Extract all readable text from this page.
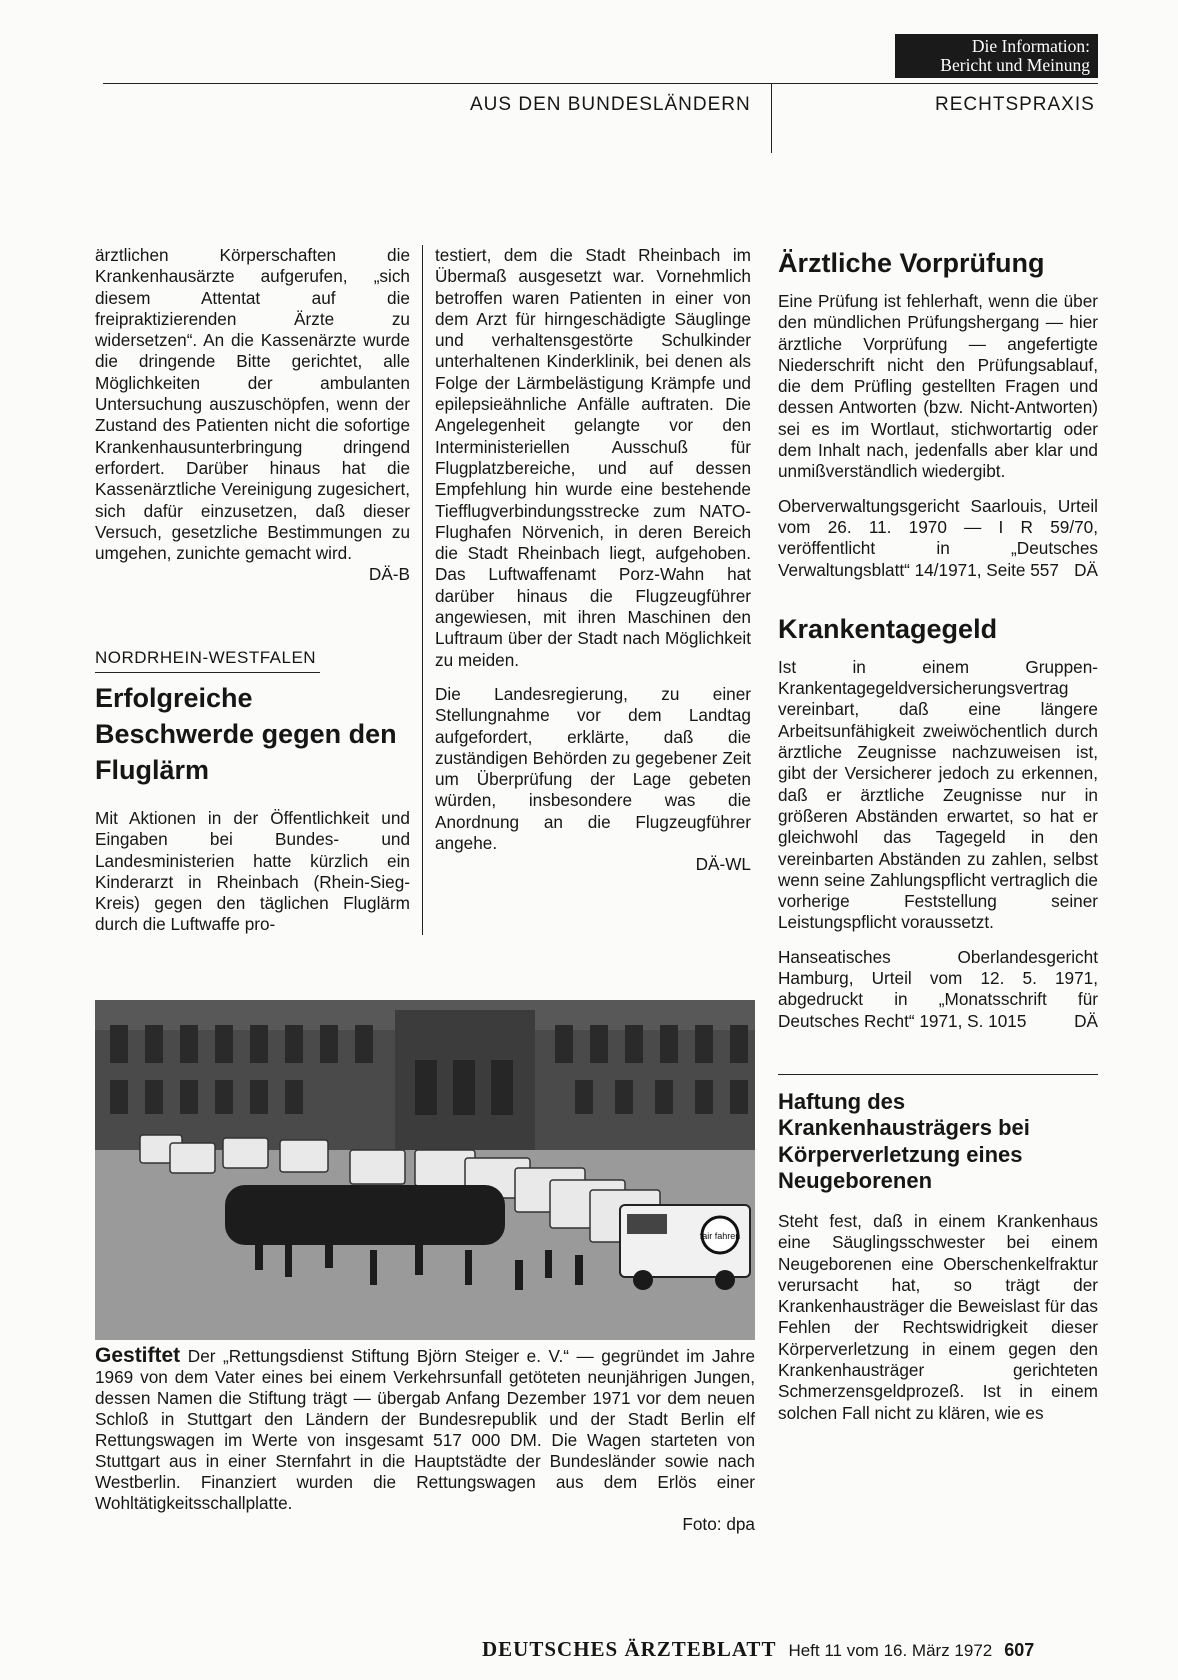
Die Information:
Bericht und Meinung
AUS DEN BUNDESLÄNDERN	RECHTSPRAXIS

ärztlichen Körperschaften die Krankenhausärzte aufgerufen, „sich diesem Attentat auf die freipraktizierenden Ärzte zu widersetzen“. An die Kassenärzte wurde die dringende Bitte gerichtet, alle Möglichkeiten der ambulanten Untersuchung auszuschöpfen, wenn der Zustand des Patienten nicht die sofortige Krankenhausunterbringung dringend erfordert. Darüber hinaus hat die Kassenärztliche Vereinigung zugesichert, sich dafür einzusetzen, daß dieser Versuch, gesetzliche Bestimmungen zu umgehen, zunichte gemacht wird.

DÄ-B
NORDRHEIN-WESTFALEN
Erfolgreiche Beschwerde gegen den Fluglärm

Mit Aktionen in der Öffentlichkeit und Eingaben bei Bundes- und Landesministerien hatte kürzlich ein Kinderarzt in Rheinbach (Rhein-Sieg-Kreis) gegen den täglichen Fluglärm durch die Luftwaffe pro-

testiert, dem die Stadt Rheinbach im Übermaß ausgesetzt war. Vornehmlich betroffen waren Patienten in einer von dem Arzt für hirngeschädigte Säuglinge und verhaltensgestörte Schulkinder unterhaltenen Kinderklinik, bei denen als Folge der Lärmbelästigung Krämpfe und epilepsieähnliche Anfälle auftraten. Die Angelegenheit gelangte vor den Interministeriellen Ausschuß für Flugplatzbereiche, und auf dessen Empfehlung hin wurde eine bestehende Tiefflugverbindungsstrecke zum NATO-Flughafen Nörvenich, in deren Bereich die Stadt Rheinbach liegt, aufgehoben. Das Luftwaffenamt Porz-Wahn hat darüber hinaus die Flugzeugführer angewiesen, mit ihren Maschinen den Luftraum über der Stadt nach Möglichkeit zu meiden.

Die Landesregierung, zu einer Stellungnahme vor dem Landtag aufgefordert, erklärte, daß die zuständigen Behörden zu gegebener Zeit um Überprüfung der Lage gebeten würden, insbesondere was die Anordnung an die Flugzeugführer angehe.

DÄ-WL
Ärztliche Vorprüfung

Eine Prüfung ist fehlerhaft, wenn die über den mündlichen Prüfungshergang — hier ärztliche Vorprüfung — angefertigte Niederschrift nicht den Prüfungsablauf, die dem Prüfling gestellten Fragen und dessen Antworten (bzw. Nicht-Antworten) sei es im Wortlaut, stichwortartig oder dem Inhalt nach, jedenfalls aber klar und unmißverständlich wiedergibt.

Oberverwaltungsgericht Saarlouis, Urteil vom 26. 11. 1970 — I R 59/70, veröffentlicht in „Deutsches Verwaltungsblatt“ 14/1971, Seite 557 DÄ

Krankentagegeld

Ist in einem Gruppen-Krankentagegeldversicherungsvertrag vereinbart, daß eine längere Arbeitsunfähigkeit zweiwöchentlich durch ärztliche Zeugnisse nachzuweisen ist, gibt der Versicherer jedoch zu erkennen, daß er ärztliche Zeugnisse nur in größeren Abständen erwartet, so hat er gleichwohl das Tagegeld in den vereinbarten Abständen zu zahlen, selbst wenn seine Zahlungspflicht vertraglich die vorherige Feststellung seiner Leistungspflicht voraussetzt.

Hanseatisches Oberlandesgericht Hamburg, Urteil vom 12. 5. 1971, abgedruckt in „Monatsschrift für Deutsches Recht“ 1971, S. 1015	DÄ

Haftung des Krankenhausträgers bei Körperverletzung eines Neugeborenen

Steht fest, daß in einem Krankenhaus eine Säuglingsschwester bei einem Neugeborenen eine Oberschenkelfraktur verursacht hat, so trägt der Krankenhausträger die Beweislast für das Fehlen der Rechtswidrigkeit dieser Körperverletzung in einem gegen den Krankenhausträger gerichteten Schmerzensgeldprozeß. Ist in einem solchen Fall nicht zu klären, wie es

fair fahren
Gestiftet Der „Rettungsdienst Stiftung Björn Steiger e. V.“ — gegründet im Jahre 1969 von dem Vater eines bei einem Verkehrsunfall getöteten neunjährigen Jungen, dessen Namen die Stiftung trägt — übergab Anfang Dezember 1971 vor dem neuen Schloß in Stuttgart den Ländern der Bundesrepublik und der Stadt Berlin elf Rettungswagen im Werte von insgesamt 517 000 DM. Die Wagen starteten von Stuttgart aus in einer Sternfahrt in die Hauptstädte der Bundesländer sowie nach Westberlin. Finanziert wurden die Rettungswagen aus dem Erlös einer Wohltätigkeitsschallplatte.
Foto: dpa
DEUTSCHES ÄRZTEBLATT Heft 11 vom 16. März 1972 607
